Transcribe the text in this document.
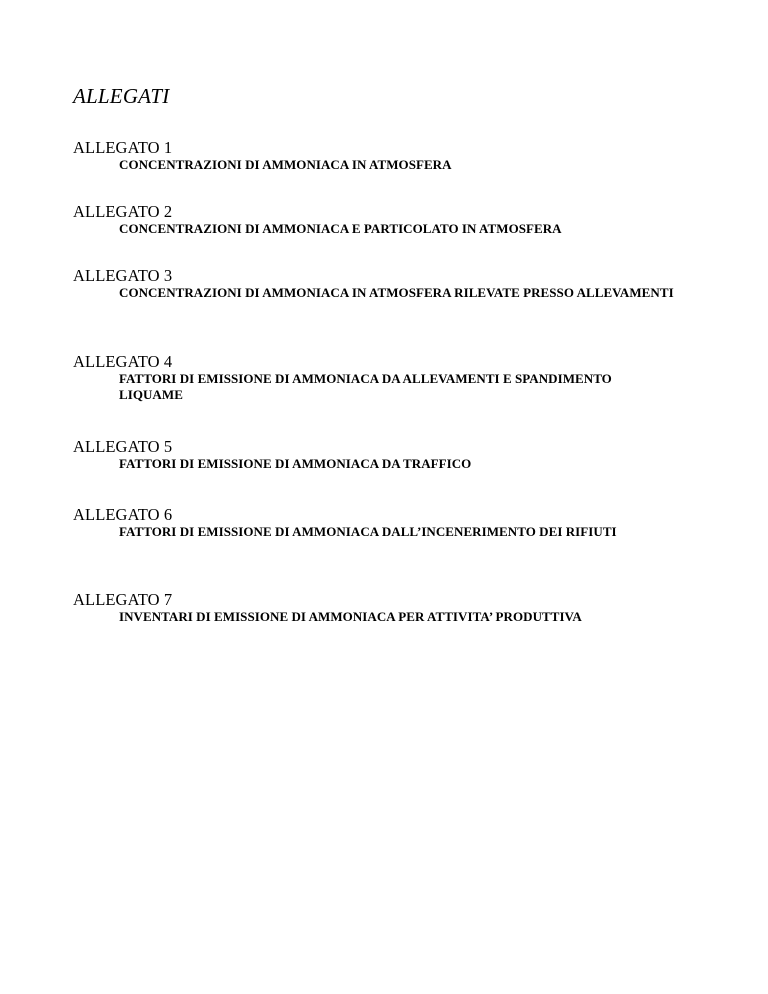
ALLEGATI
ALLEGATO 1
CONCENTRAZIONI DI AMMONIACA IN ATMOSFERA
ALLEGATO 2
CONCENTRAZIONI DI AMMONIACA E PARTICOLATO IN ATMOSFERA
ALLEGATO 3
CONCENTRAZIONI DI AMMONIACA IN ATMOSFERA RILEVATE PRESSO ALLEVAMENTI
ALLEGATO 4
FATTORI DI EMISSIONE DI AMMONIACA DA ALLEVAMENTI E SPANDIMENTO LIQUAME
ALLEGATO 5
FATTORI DI EMISSIONE DI AMMONIACA DA TRAFFICO
ALLEGATO 6
FATTORI DI EMISSIONE DI AMMONIACA DALL’INCENERIMENTO DEI RIFIUTI
ALLEGATO 7
INVENTARI DI EMISSIONE DI AMMONIACA PER ATTIVITA’ PRODUTTIVA
